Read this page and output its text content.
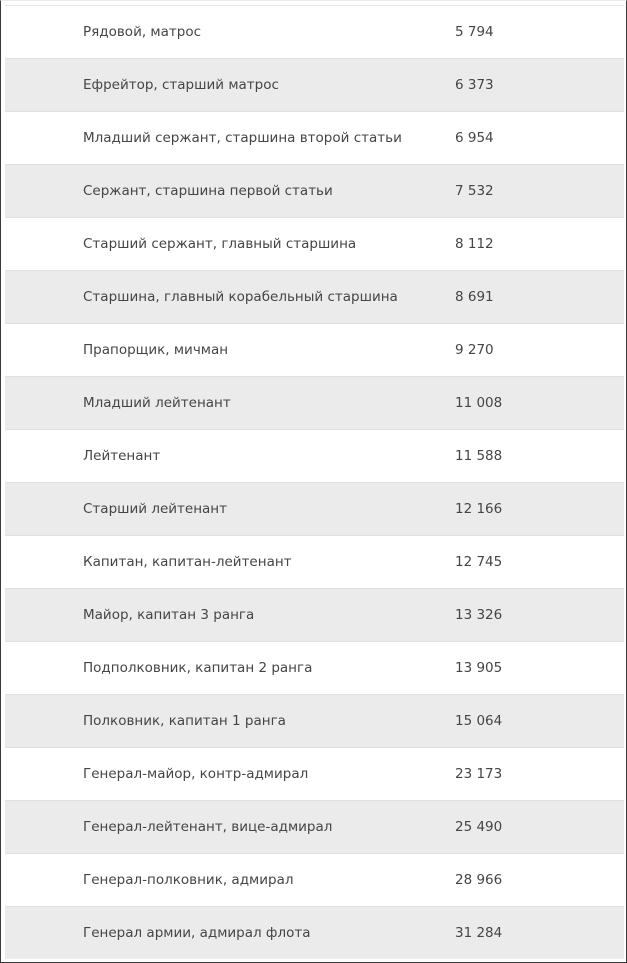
Рядовой, матрос	5 794
Ефрейтор, старший матрос	6 373
Младший сержант, старшина второй статьи	6 954
Сержант, старшина первой статьи	7 532
Старший сержант, главный старшина	8 112
Старшина, главный корабельный старшина	8 691
Прапорщик, мичман	9 270
Младший лейтенант	11 008
Лейтенант	11 588
Старший лейтенант	12 166
Капитан, капитан-лейтенант	12 745
Майор, капитан 3 ранга	13 326
Подполковник, капитан 2 ранга	13 905
Полковник, капитан 1 ранга	15 064
Генерал-майор, контр-адмирал	23 173
Генерал-лейтенант, вице-адмирал	25 490
Генерал-полковник, адмирал	28 966
Генерал армии, адмирал флота	31 284
